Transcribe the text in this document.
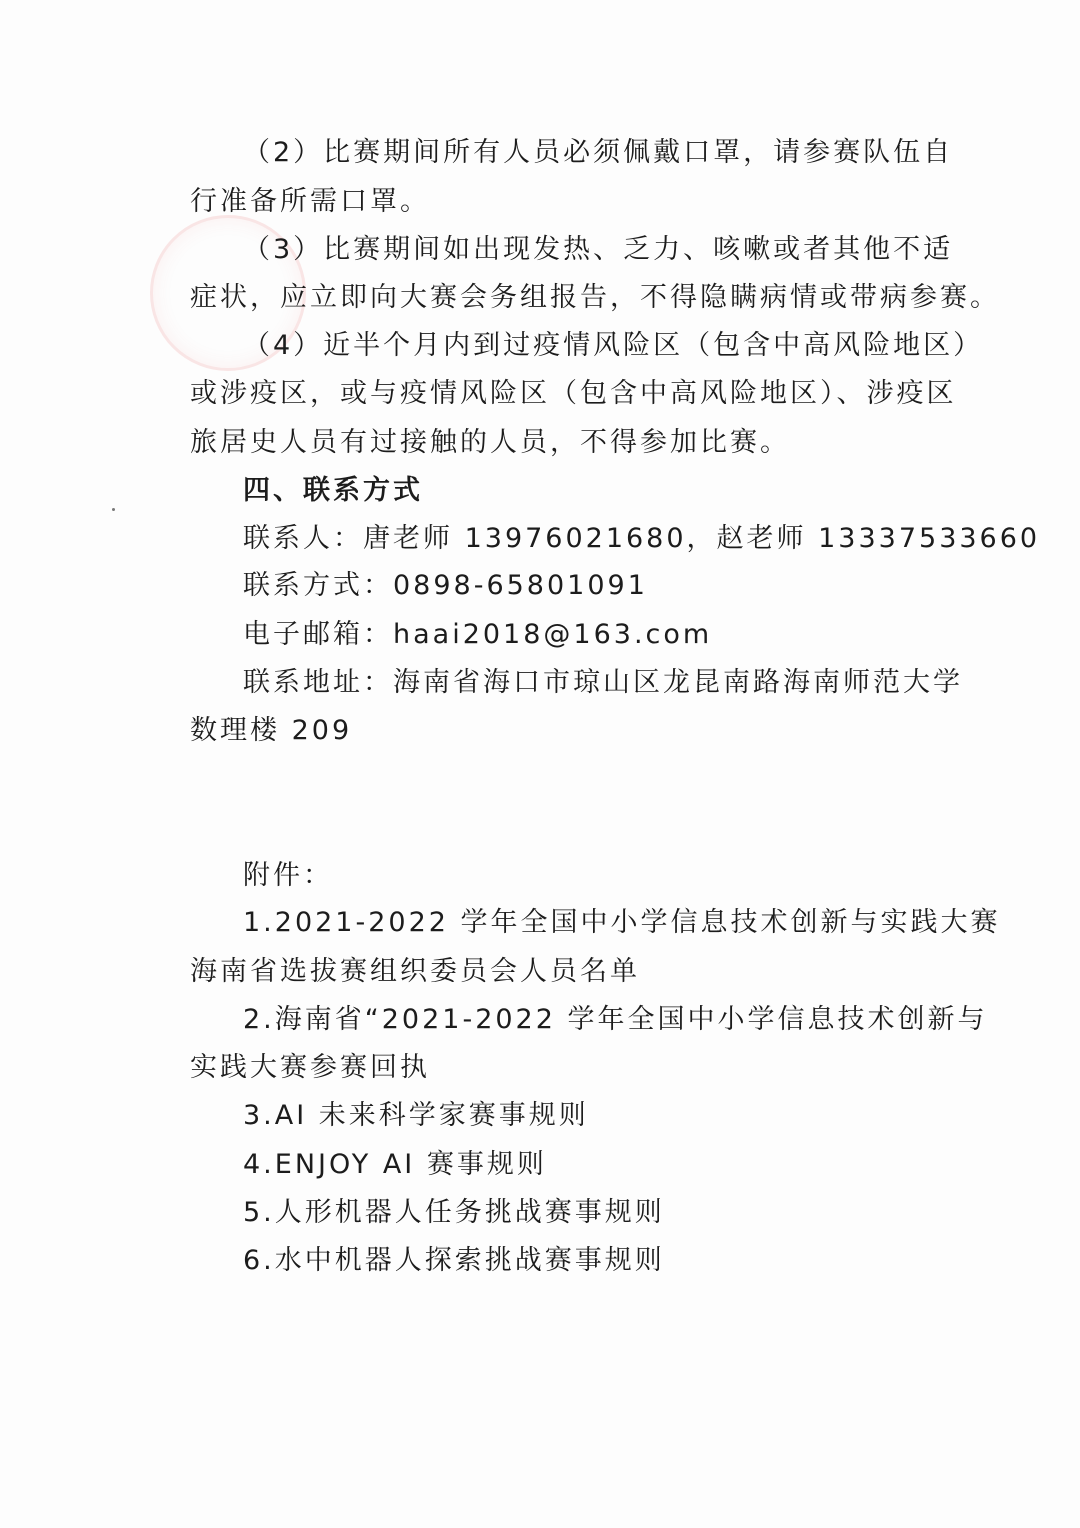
（2）比赛期间所有人员必须佩戴口罩，请参赛队伍自
行准备所需口罩。
（3）比赛期间如出现发热、乏力、咳嗽或者其他不适
症状，应立即向大赛会务组报告，不得隐瞒病情或带病参赛。
（4）近半个月内到过疫情风险区（包含中高风险地区）
或涉疫区，或与疫情风险区（包含中高风险地区）、涉疫区
旅居史人员有过接触的人员，不得参加比赛。
四、联系方式
联系人：唐老师 13976021680，赵老师 13337533660
联系方式：0898-65801091
电子邮箱：haai2018@163.com
联系地址：海南省海口市琼山区龙昆南路海南师范大学
数理楼 209
附件：
1.2021-2022 学年全国中小学信息技术创新与实践大赛
海南省选拔赛组织委员会人员名单
2.海南省“2021-2022 学年全国中小学信息技术创新与
实践大赛参赛回执
3.AI 未来科学家赛事规则
4.ENJOY AI 赛事规则
5.人形机器人任务挑战赛事规则
6.水中机器人探索挑战赛事规则
